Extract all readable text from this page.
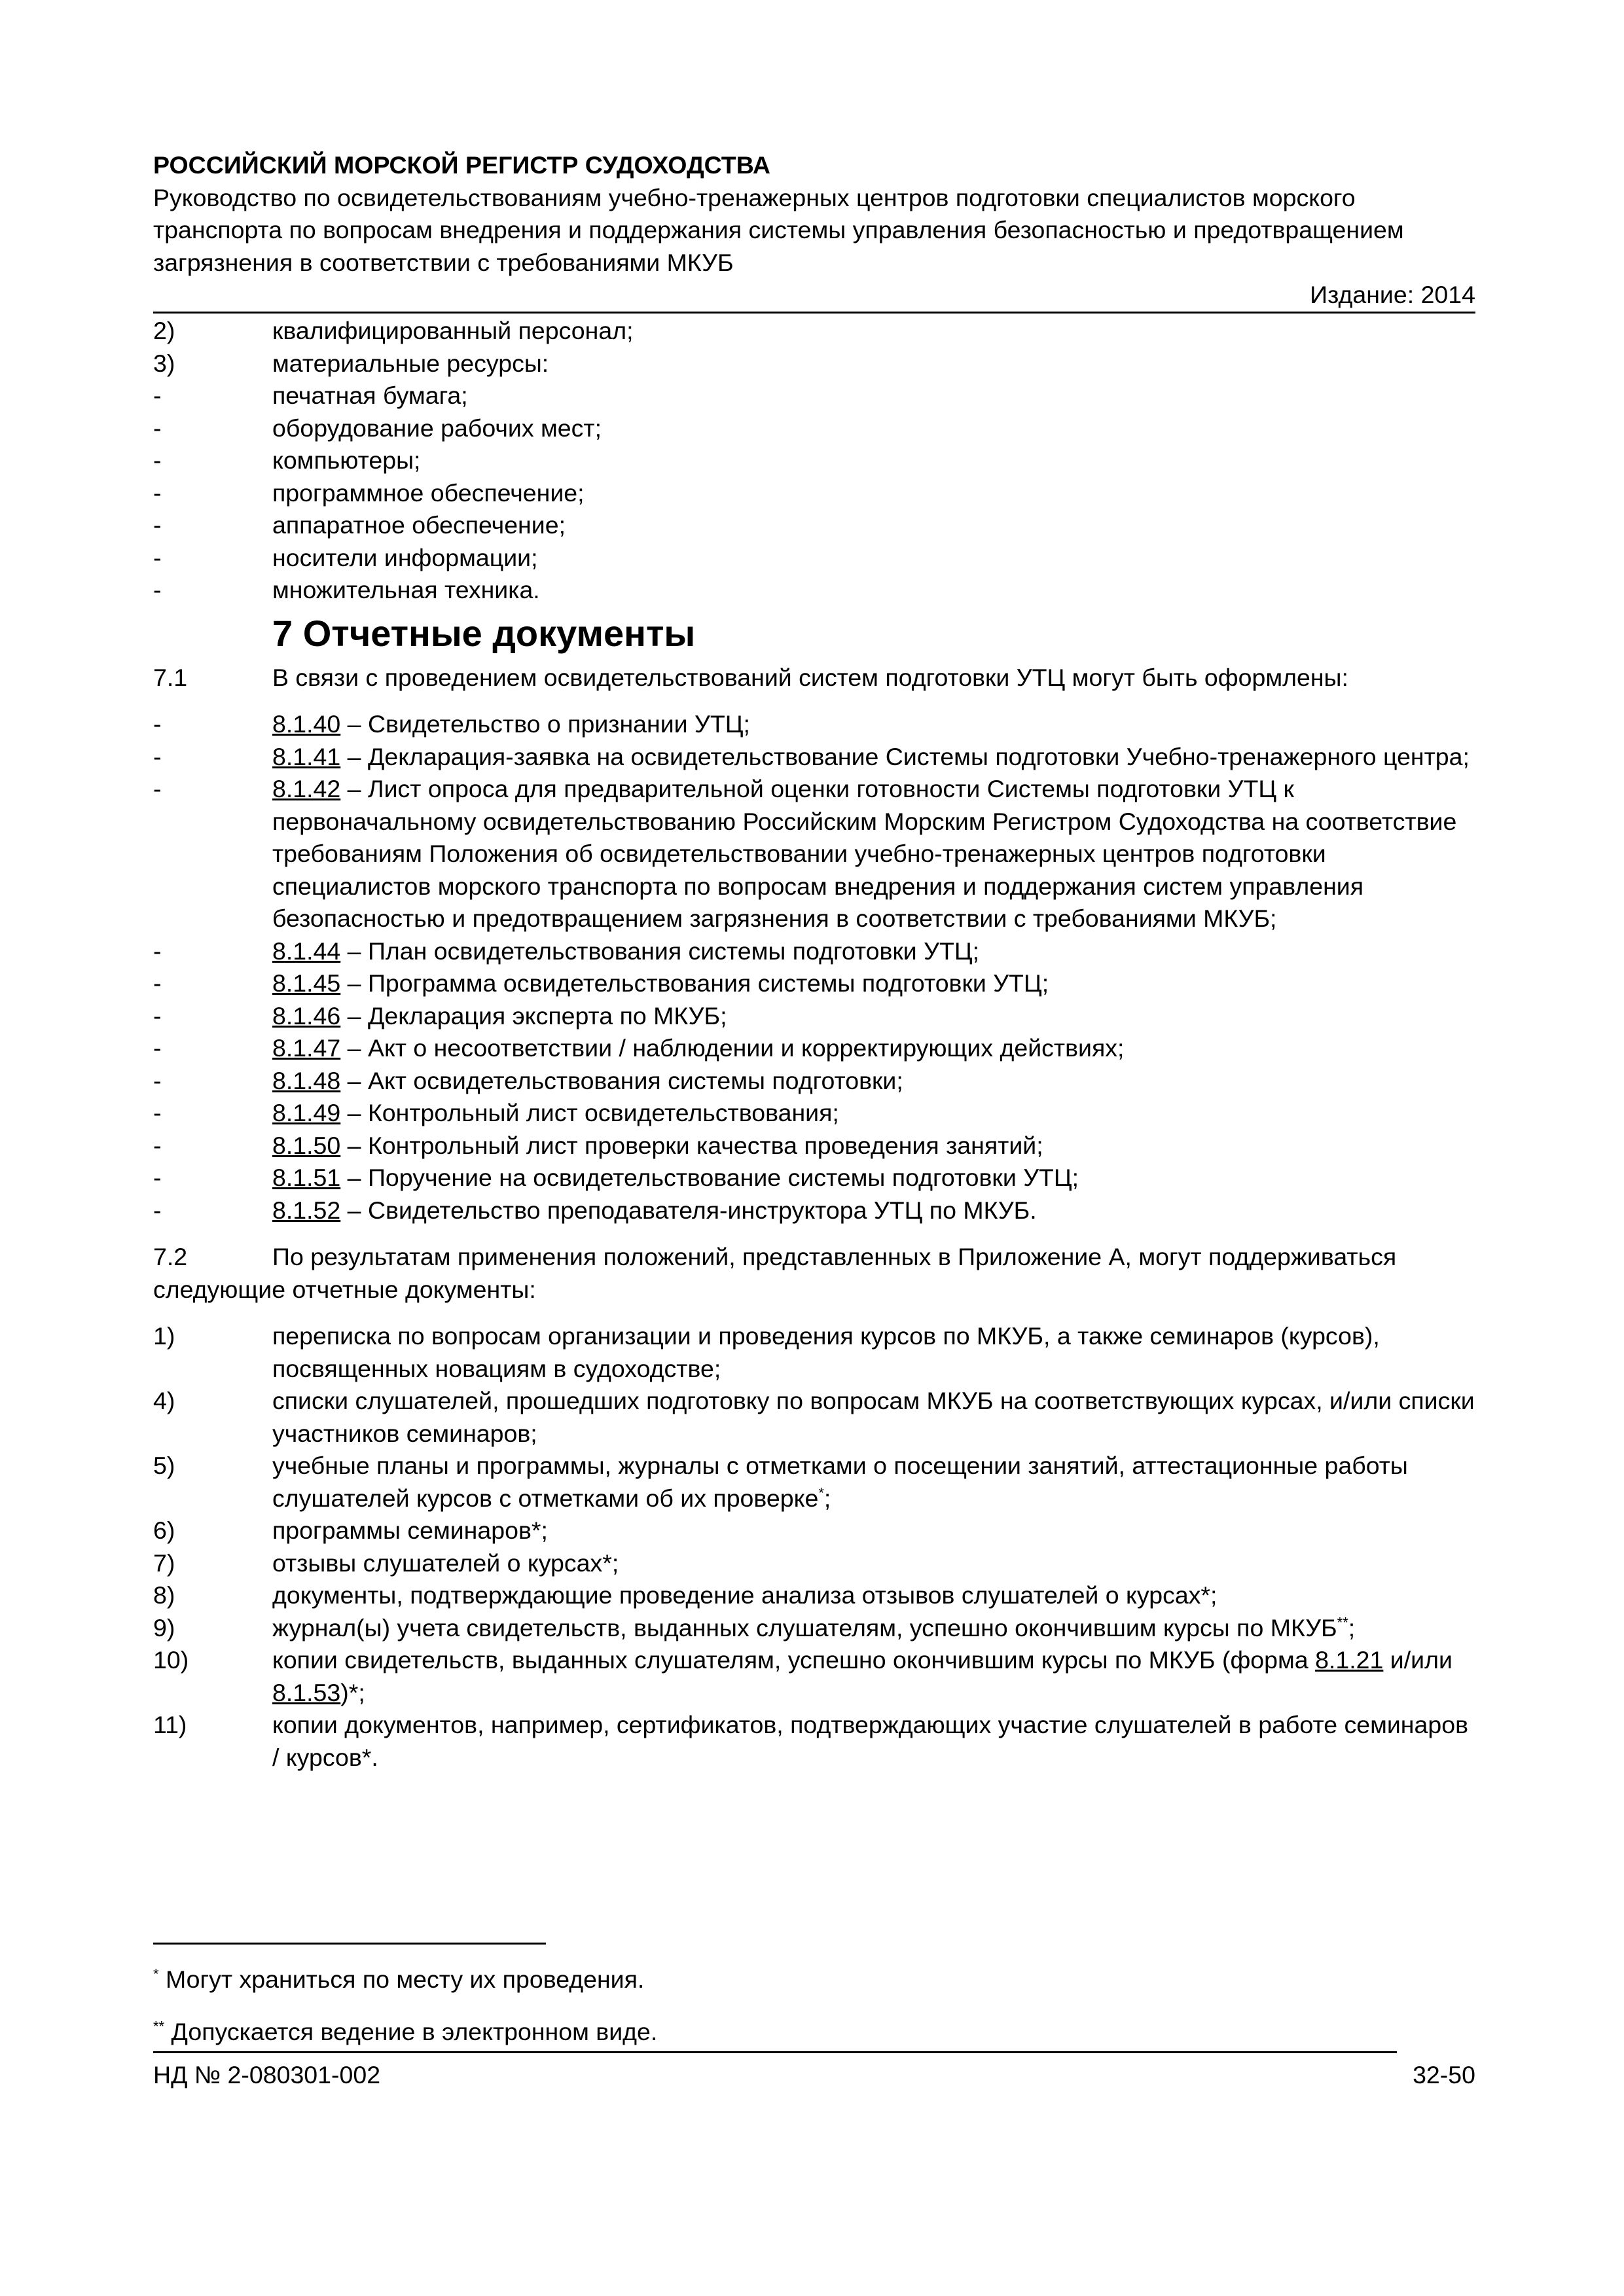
РОССИЙСКИЙ МОРСКОЙ РЕГИСТР СУДОХОДСТВА
Руководство по освидетельствованиям учебно-тренажерных центров подготовки специалистов морского транспорта по вопросам внедрения и поддержания системы управления безопасностью и предотвращением загрязнения в соответствии с требованиями МКУБ
Издание: 2014
2)	квалифицированный персонал;
3)	материальные ресурсы:
-	печатная бумага;
-	оборудование рабочих мест;
-	компьютеры;
-	программное обеспечение;
-	аппаратное обеспечение;
-	носители информации;
-	множительная техника.
7 Отчетные документы
7.1	В связи с проведением освидетельствований систем подготовки УТЦ могут быть оформлены:
-	8.1.40 – Свидетельство о признании УТЦ;
-	8.1.41 – Декларация-заявка на освидетельствование Системы подготовки Учебно-тренажерного центра;
-	8.1.42 – Лист опроса для предварительной оценки готовности Системы подготовки УТЦ к первоначальному освидетельствованию Российским Морским Регистром Судоходства на соответствие требованиям Положения об освидетельствовании учебно-тренажерных центров подготовки специалистов морского транспорта по вопросам внедрения и поддержания систем управления безопасностью и предотвращением загрязнения в соответствии с требованиями МКУБ;
-	8.1.44 – План освидетельствования системы подготовки УТЦ;
-	8.1.45 – Программа освидетельствования системы подготовки УТЦ;
-	8.1.46 – Декларация эксперта по МКУБ;
-	8.1.47 – Акт о несоответствии / наблюдении и корректирующих действиях;
-	8.1.48 – Акт освидетельствования системы подготовки;
-	8.1.49 – Контрольный лист освидетельствования;
-	8.1.50 – Контрольный лист проверки качества проведения занятий;
-	8.1.51 – Поручение на освидетельствование системы подготовки УТЦ;
-	8.1.52 – Свидетельство преподавателя-инструктора УТЦ по МКУБ.
7.2	По результатам применения положений, представленных в Приложение А, могут поддерживаться следующие отчетные документы:
1)	переписка по вопросам организации и проведения курсов по МКУБ, а также семинаров (курсов), посвященных новациям в судоходстве;
4)	списки слушателей, прошедших подготовку по вопросам МКУБ на соответствующих курсах, и/или списки участников семинаров;
5)	учебные планы и программы, журналы с отметками о посещении занятий, аттестационные работы слушателей курсов с отметками об их проверке*;
6)	программы семинаров*;
7)	отзывы слушателей о курсах*;
8)	документы, подтверждающие проведение анализа отзывов слушателей о курсах*;
9)	журнал(ы) учета свидетельств, выданных слушателям, успешно окончившим курсы по МКУБ**;
10)	копии свидетельств, выданных слушателям, успешно окончившим курсы по МКУБ (форма 8.1.21 и/или 8.1.53)*;
11)	копии документов, например, сертификатов, подтверждающих участие слушателей в работе семинаров / курсов*.
* Могут храниться по месту их проведения.
** Допускается ведение в электронном виде.
НД № 2-080301-002	32-50
